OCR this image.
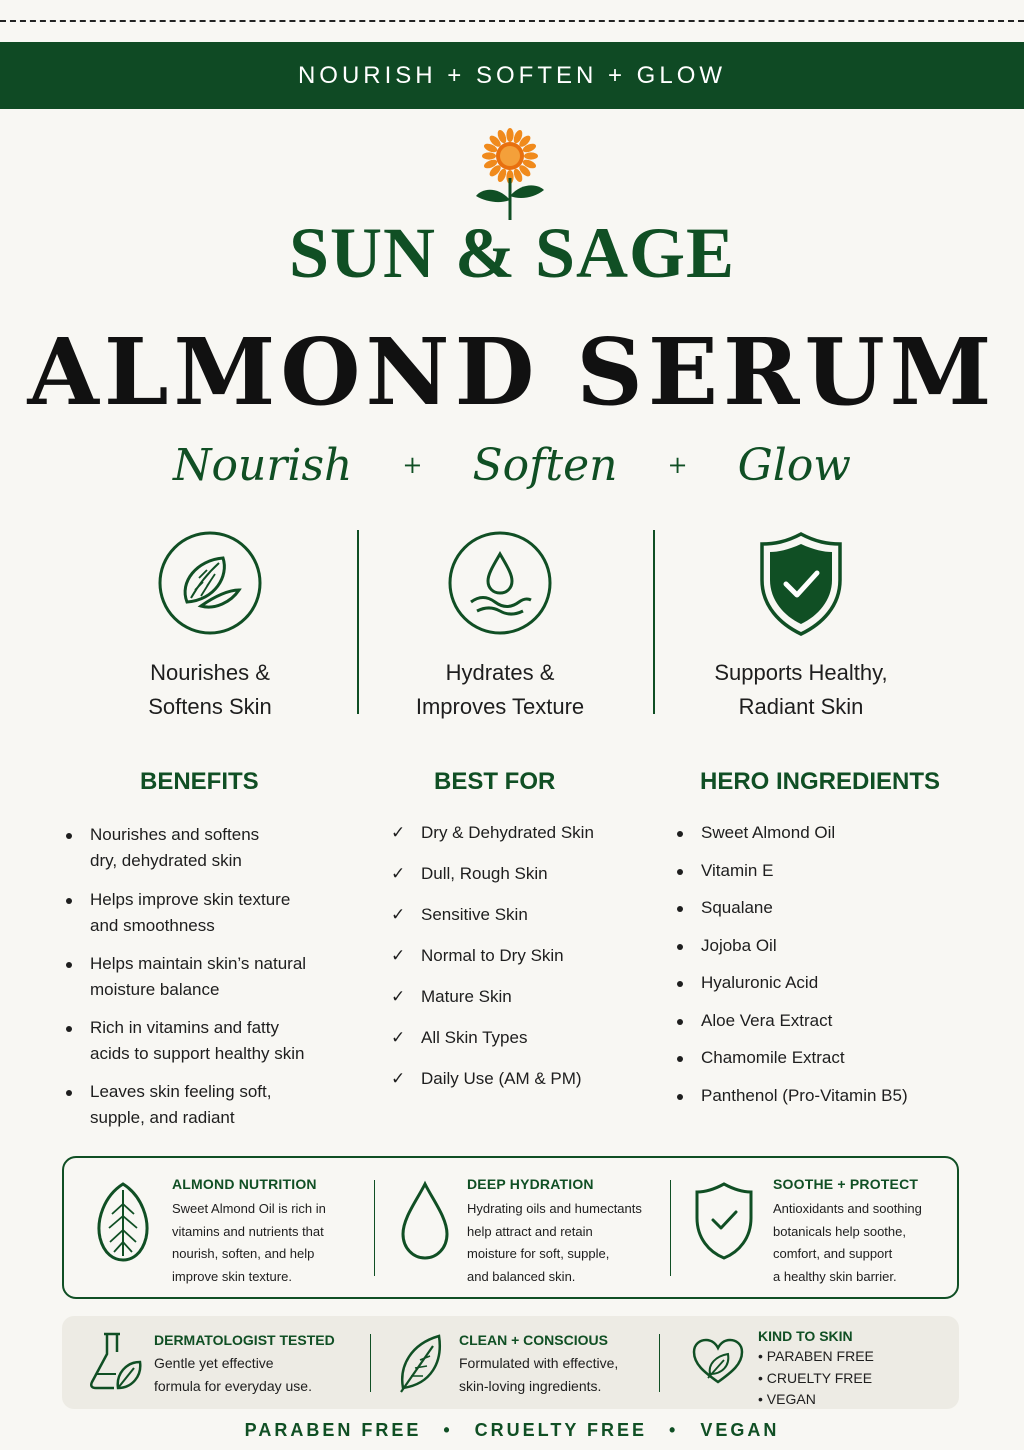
NOURISH + SOFTEN + GLOW
SUN & SAGE
ALMOND SERUM
Nourish + Soften + Glow
Nourishes &
Softens Skin
Hydrates &
Improves Texture
Supports Healthy,
Radiant Skin
BENEFITS
Nourishes and softens
dry, dehydrated skin
Helps improve skin texture
and smoothness
Helps maintain skin’s natural
moisture balance
Rich in vitamins and fatty
acids to support healthy skin
Leaves skin feeling soft,
supple, and radiant
BEST FOR
✓ Dry & Dehydrated Skin
✓ Dull, Rough Skin
✓ Sensitive Skin
✓ Normal to Dry Skin
✓ Mature Skin
✓ All Skin Types
✓ Daily Use (AM & PM)
HERO INGREDIENTS
Sweet Almond Oil
Vitamin E
Squalane
Jojoba Oil
Hyaluronic Acid
Aloe Vera Extract
Chamomile Extract
Panthenol (Pro-Vitamin B5)
ALMOND NUTRITION
Sweet Almond Oil is rich in
vitamins and nutrients that
nourish, soften, and help
improve skin texture.
DEEP HYDRATION
Hydrating oils and humectants
help attract and retain
moisture for soft, supple,
and balanced skin.
SOOTHE + PROTECT
Antioxidants and soothing
botanicals help soothe,
comfort, and support
a healthy skin barrier.
DERMATOLOGIST TESTED
Gentle yet effective
formula for everyday use.
CLEAN + CONSCIOUS
Formulated with effective,
skin-loving ingredients.
KIND TO SKIN
• PARABEN FREE
• CRUELTY FREE
• VEGAN
PARABEN FREE • CRUELTY FREE • VEGAN
